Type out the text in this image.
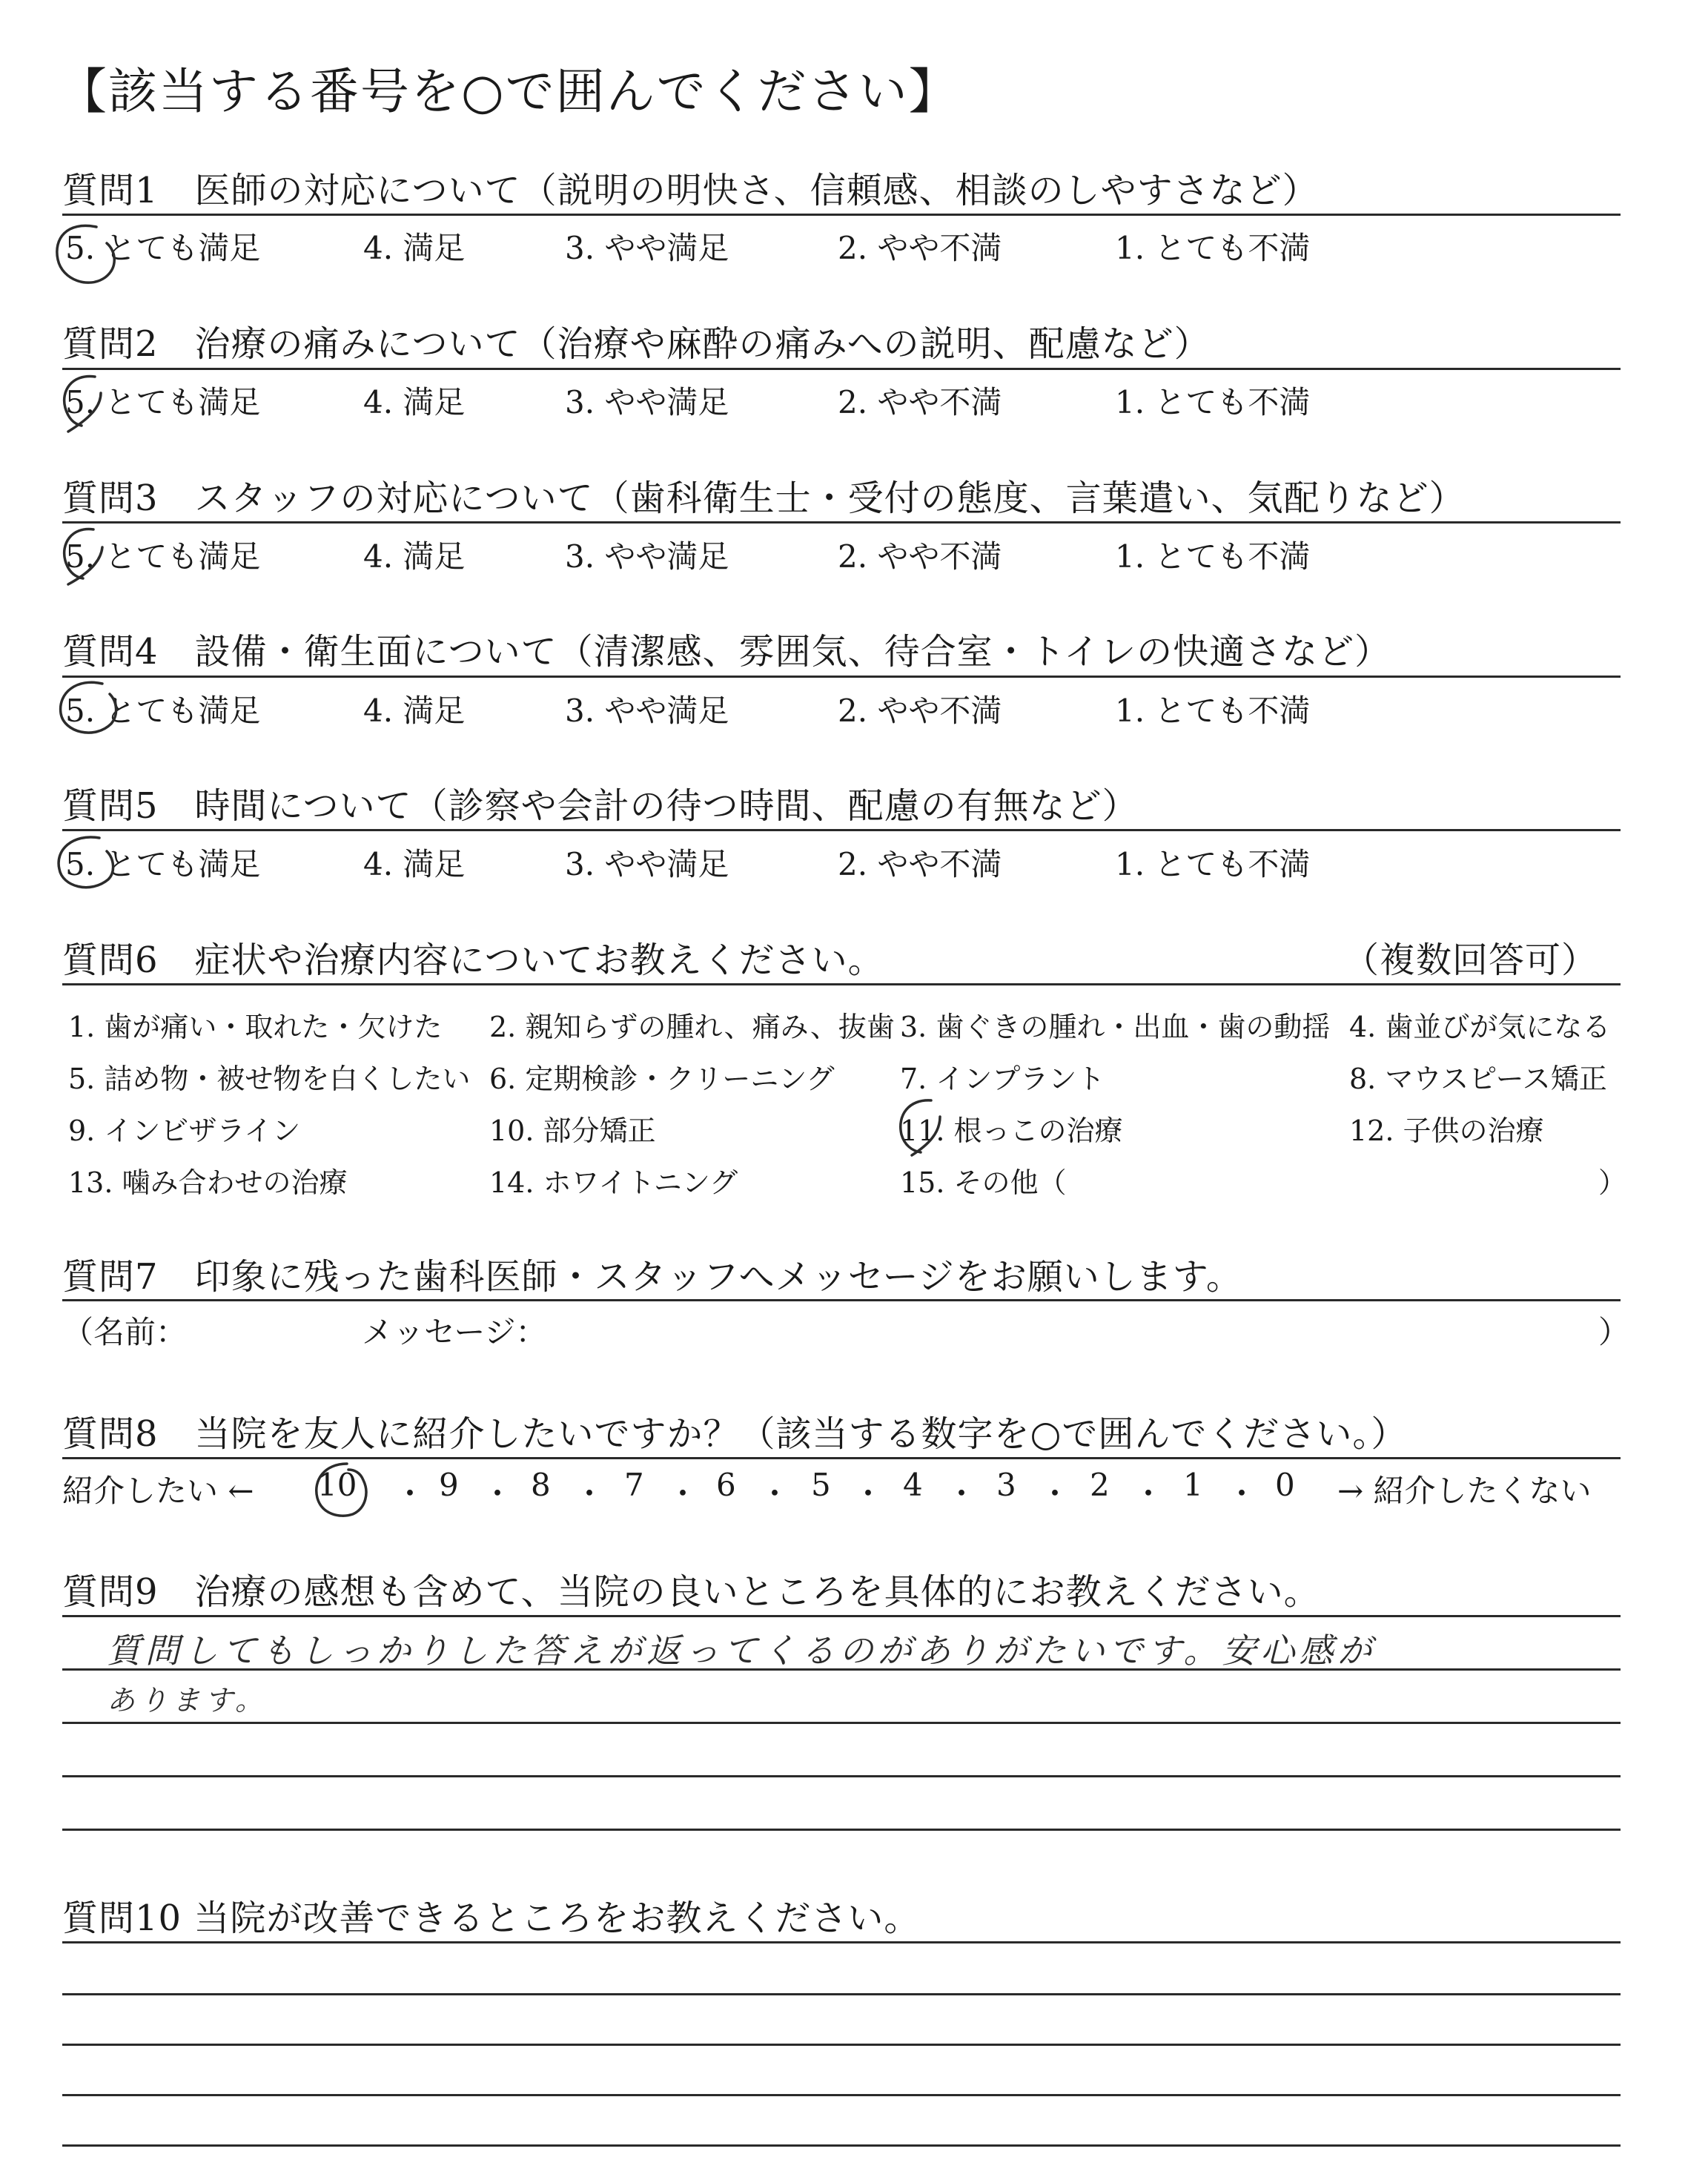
【該当する番号を○で囲んでください】
質問1　医師の対応について（説明の明快さ、信頼感、相談のしやすさなど）
5. とても満足	4. 満足	3. やや満足	2. やや不満	1. とても不満
質問2　治療の痛みについて（治療や麻酔の痛みへの説明、配慮など）
5. とても満足	4. 満足	3. やや満足	2. やや不満	1. とても不満
質問3　スタッフの対応について（歯科衛生士・受付の態度、言葉遣い、気配りなど）
5. とても満足	4. 満足	3. やや満足	2. やや不満	1. とても不満
質問4　設備・衛生面について（清潔感、雰囲気、待合室・トイレの快適さなど）
5. とても満足	4. 満足	3. やや満足	2. やや不満	1. とても不満
質問5　時間について（診察や会計の待つ時間、配慮の有無など）
5. とても満足	4. 満足	3. やや満足	2. やや不満	1. とても不満
質問6　症状や治療内容についてお教えください。	（複数回答可）
1. 歯が痛い・取れた・欠けた 2. 親知らずの腫れ、痛み、抜歯 3. 歯ぐきの腫れ・出血・歯の動揺 4. 歯並びが気になる
5. 詰め物・被せ物を白くしたい 6. 定期検診・クリーニング 7. インプラント	8. マウスピース矯正
9. インビザライン	10. 部分矯正	11. 根っこの治療	12. 子供の治療
13. 噛み合わせの治療	14. ホワイトニング	15. その他（	）
質問7　印象に残った歯科医師・スタッフへメッセージをお願いします。
（名前：	メッセージ：	）
質問8　当院を友人に紹介したいですか？（該当する数字を○で囲んでください。）
紹介したい ← 10 ・ 9 ・ 8 ・ 7 ・ 6 ・ 5 ・ 4 ・ 3 ・ 2 ・ 1 ・ 0 → 紹介したくない
質問9　治療の感想も含めて、当院の良いところを具体的にお教えください。
質問してもしっかりした答えが返ってくるのがありがたいです。安心感が
あります。
質問10 当院が改善できるところをお教えください。
